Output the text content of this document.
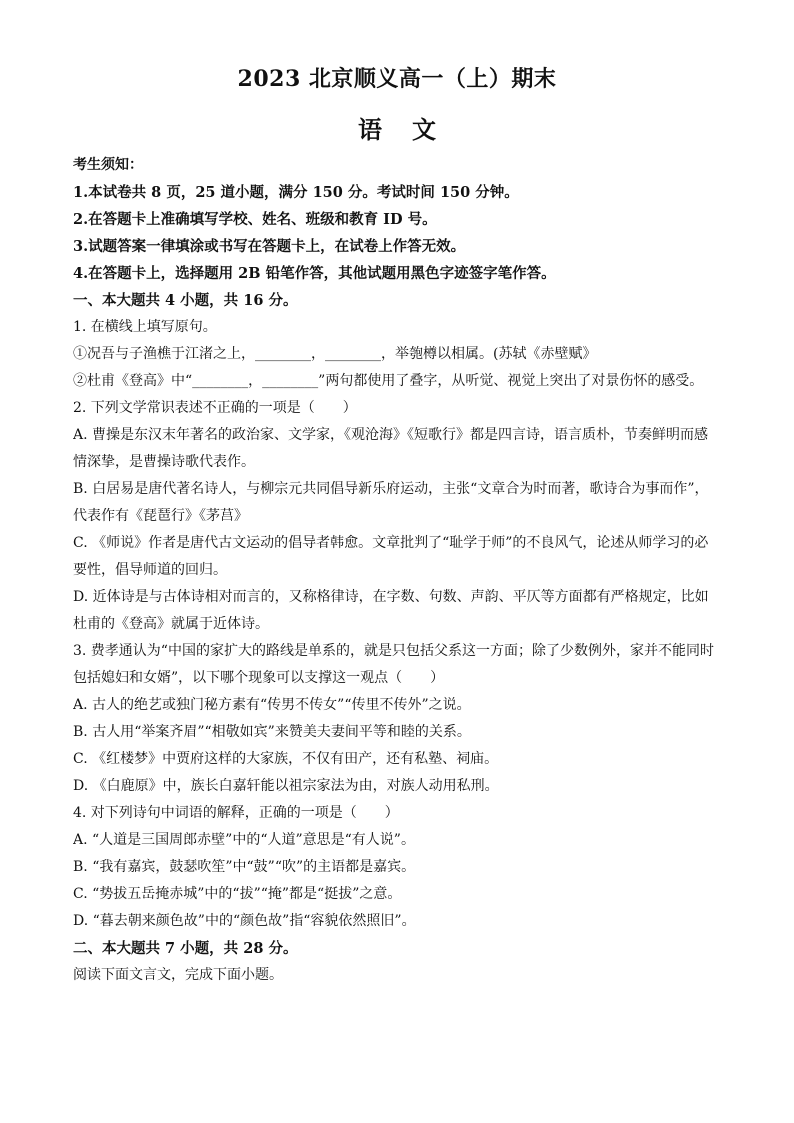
2023 北京顺义高一（上）期末
语文
考生须知：
1.本试卷共 8 页，25 道小题，满分 150 分。考试时间 150 分钟。
2.在答题卡上准确填写学校、姓名、班级和教育 ID 号。
3.试题答案一律填涂或书写在答题卡上，在试卷上作答无效。
4.在答题卡上，选择题用 2B 铅笔作答，其他试题用黑色字迹签字笔作答。
一、本大题共 4 小题，共 16 分。
1. 在横线上填写原句。
①况吾与子渔樵于江渚之上，________，________，举匏樽以相属。(苏轼《赤壁赋》
②杜甫《登高》中“________，________”两句都使用了叠字，从听觉、视觉上突出了对景伤怀的感受。
2. 下列文学常识表述不正确的一项是（　　）
A. 曹操是东汉末年著名的政治家、文学家，《观沧海》《短歌行》都是四言诗，语言质朴，节奏鲜明而感
情深挚，是曹操诗歌代表作。
B. 白居易是唐代著名诗人，与柳宗元共同倡导新乐府运动，主张“文章合为时而著，歌诗合为事而作”，
代表作有《琵琶行》《茅莒》
C. 《师说》作者是唐代古文运动的倡导者韩愈。文章批判了“耻学于师”的不良风气，论述从师学习的必
要性，倡导师道的回归。
D. 近体诗是与古体诗相对而言的，又称格律诗，在字数、句数、声韵、平仄等方面都有严格规定，比如
杜甫的《登高》就属于近体诗。
3. 费孝通认为“中国的家扩大的路线是单系的，就是只包括父系这一方面；除了少数例外，家并不能同时
包括媳妇和女婿”，以下哪个现象可以支撑这一观点（　　）
A. 古人的绝艺或独门秘方素有“传男不传女”“传里不传外”之说。
B. 古人用“举案齐眉”“相敬如宾”来赞美夫妻间平等和睦的关系。
C. 《红楼梦》中贾府这样的大家族，不仅有田产，还有私塾、祠庙。
D. 《白鹿原》中，族长白嘉轩能以祖宗家法为由，对族人动用私刑。
4. 对下列诗句中词语的解释，正确的一项是（　　）
A. “人道是三国周郎赤壁”中的“人道”意思是“有人说”。
B. “我有嘉宾，鼓瑟吹笙”中“鼓”“吹”的主语都是嘉宾。
C. “势拔五岳掩赤城”中的“拔”“掩”都是“挺拔”之意。
D. “暮去朝来颜色故”中的“颜色故”指“容貌依然照旧”。
二、本大题共 7 小题，共 28 分。
阅读下面文言文，完成下面小题。
